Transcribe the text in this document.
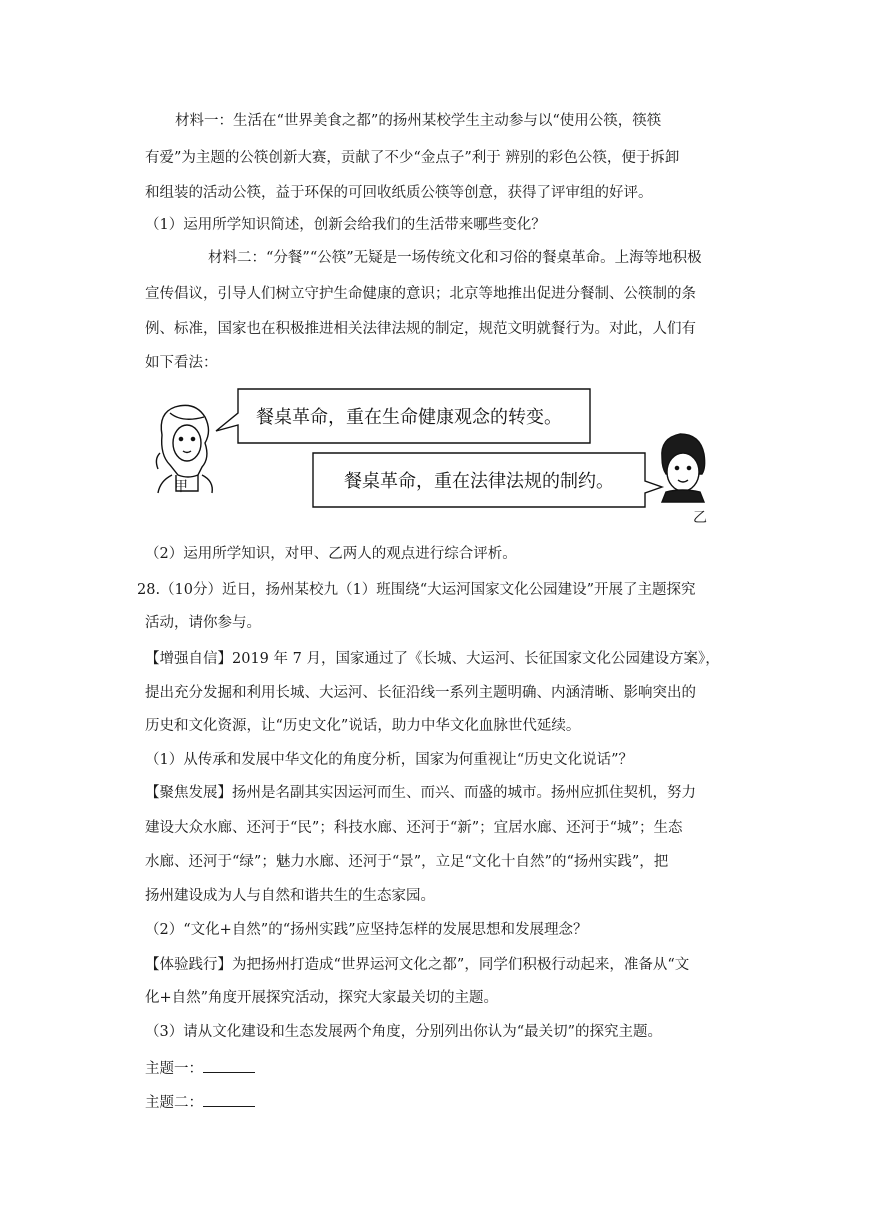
材料一：生活在“世界美食之都”的扬州某校学生主动参与以“使用公筷，筷筷
有爱”为主题的公筷创新大赛，贡献了不少“金点子”利于 辨别的彩色公筷，便于拆卸
和组装的活动公筷，益于环保的可回收纸质公筷等创意，获得了评审组的好评。
（1）运用所学知识简述，创新会给我们的生活带来哪些变化？
材料二：“分餐”“公筷”无疑是一场传统文化和习俗的餐桌革命。上海等地积极
宣传倡议，引导人们树立守护生命健康的意识；北京等地推出促进分餐制、公筷制的条
例、标准，国家也在积极推进相关法律法规的制定，规范文明就餐行为。对此，人们有
如下看法：
甲
餐桌革命，重在生命健康观念的转变。
餐桌革命，重在法律法规的制约。
乙
（2）运用所学知识，对甲、乙两人的观点进行综合评析。
28.（10分）近日，扬州某校九（1）班围绕“大运河国家文化公园建设”开展了主题探究
活动，请你参与。
【增强自信】2019 年 7 月，国家通过了《长城、大运河、长征国家文化公园建设方案》，
提出充分发掘和利用长城、大运河、长征沿线一系列主题明确、内涵清晰、影响突出的
历史和文化资源，让“历史文化”说话，助力中华文化血脉世代延续。
（1）从传承和发展中华文化的角度分析，国家为何重视让“历史文化说话”？
【聚焦发展】扬州是名副其实因运河而生、而兴、而盛的城市。扬州应抓住契机，努力
建设大众水廊、还河于“民”；科技水廊、还河于“新”；宜居水廊、还河于“城”；生态
水廊、还河于“绿”；魅力水廊、还河于“景”，立足“文化十自然”的“扬州实践”，把
扬州建设成为人与自然和谐共生的生态家园。
（2）“文化+自然”的“扬州实践”应坚持怎样的发展思想和发展理念？
【体验践行】为把扬州打造成“世界运河文化之都”，同学们积极行动起来，准备从“文
化+自然”角度开展探究活动，探究大家最关切的主题。
（3）请从文化建设和生态发展两个角度，分别列出你认为“最关切”的探究主题。
主题一：
主题二：
